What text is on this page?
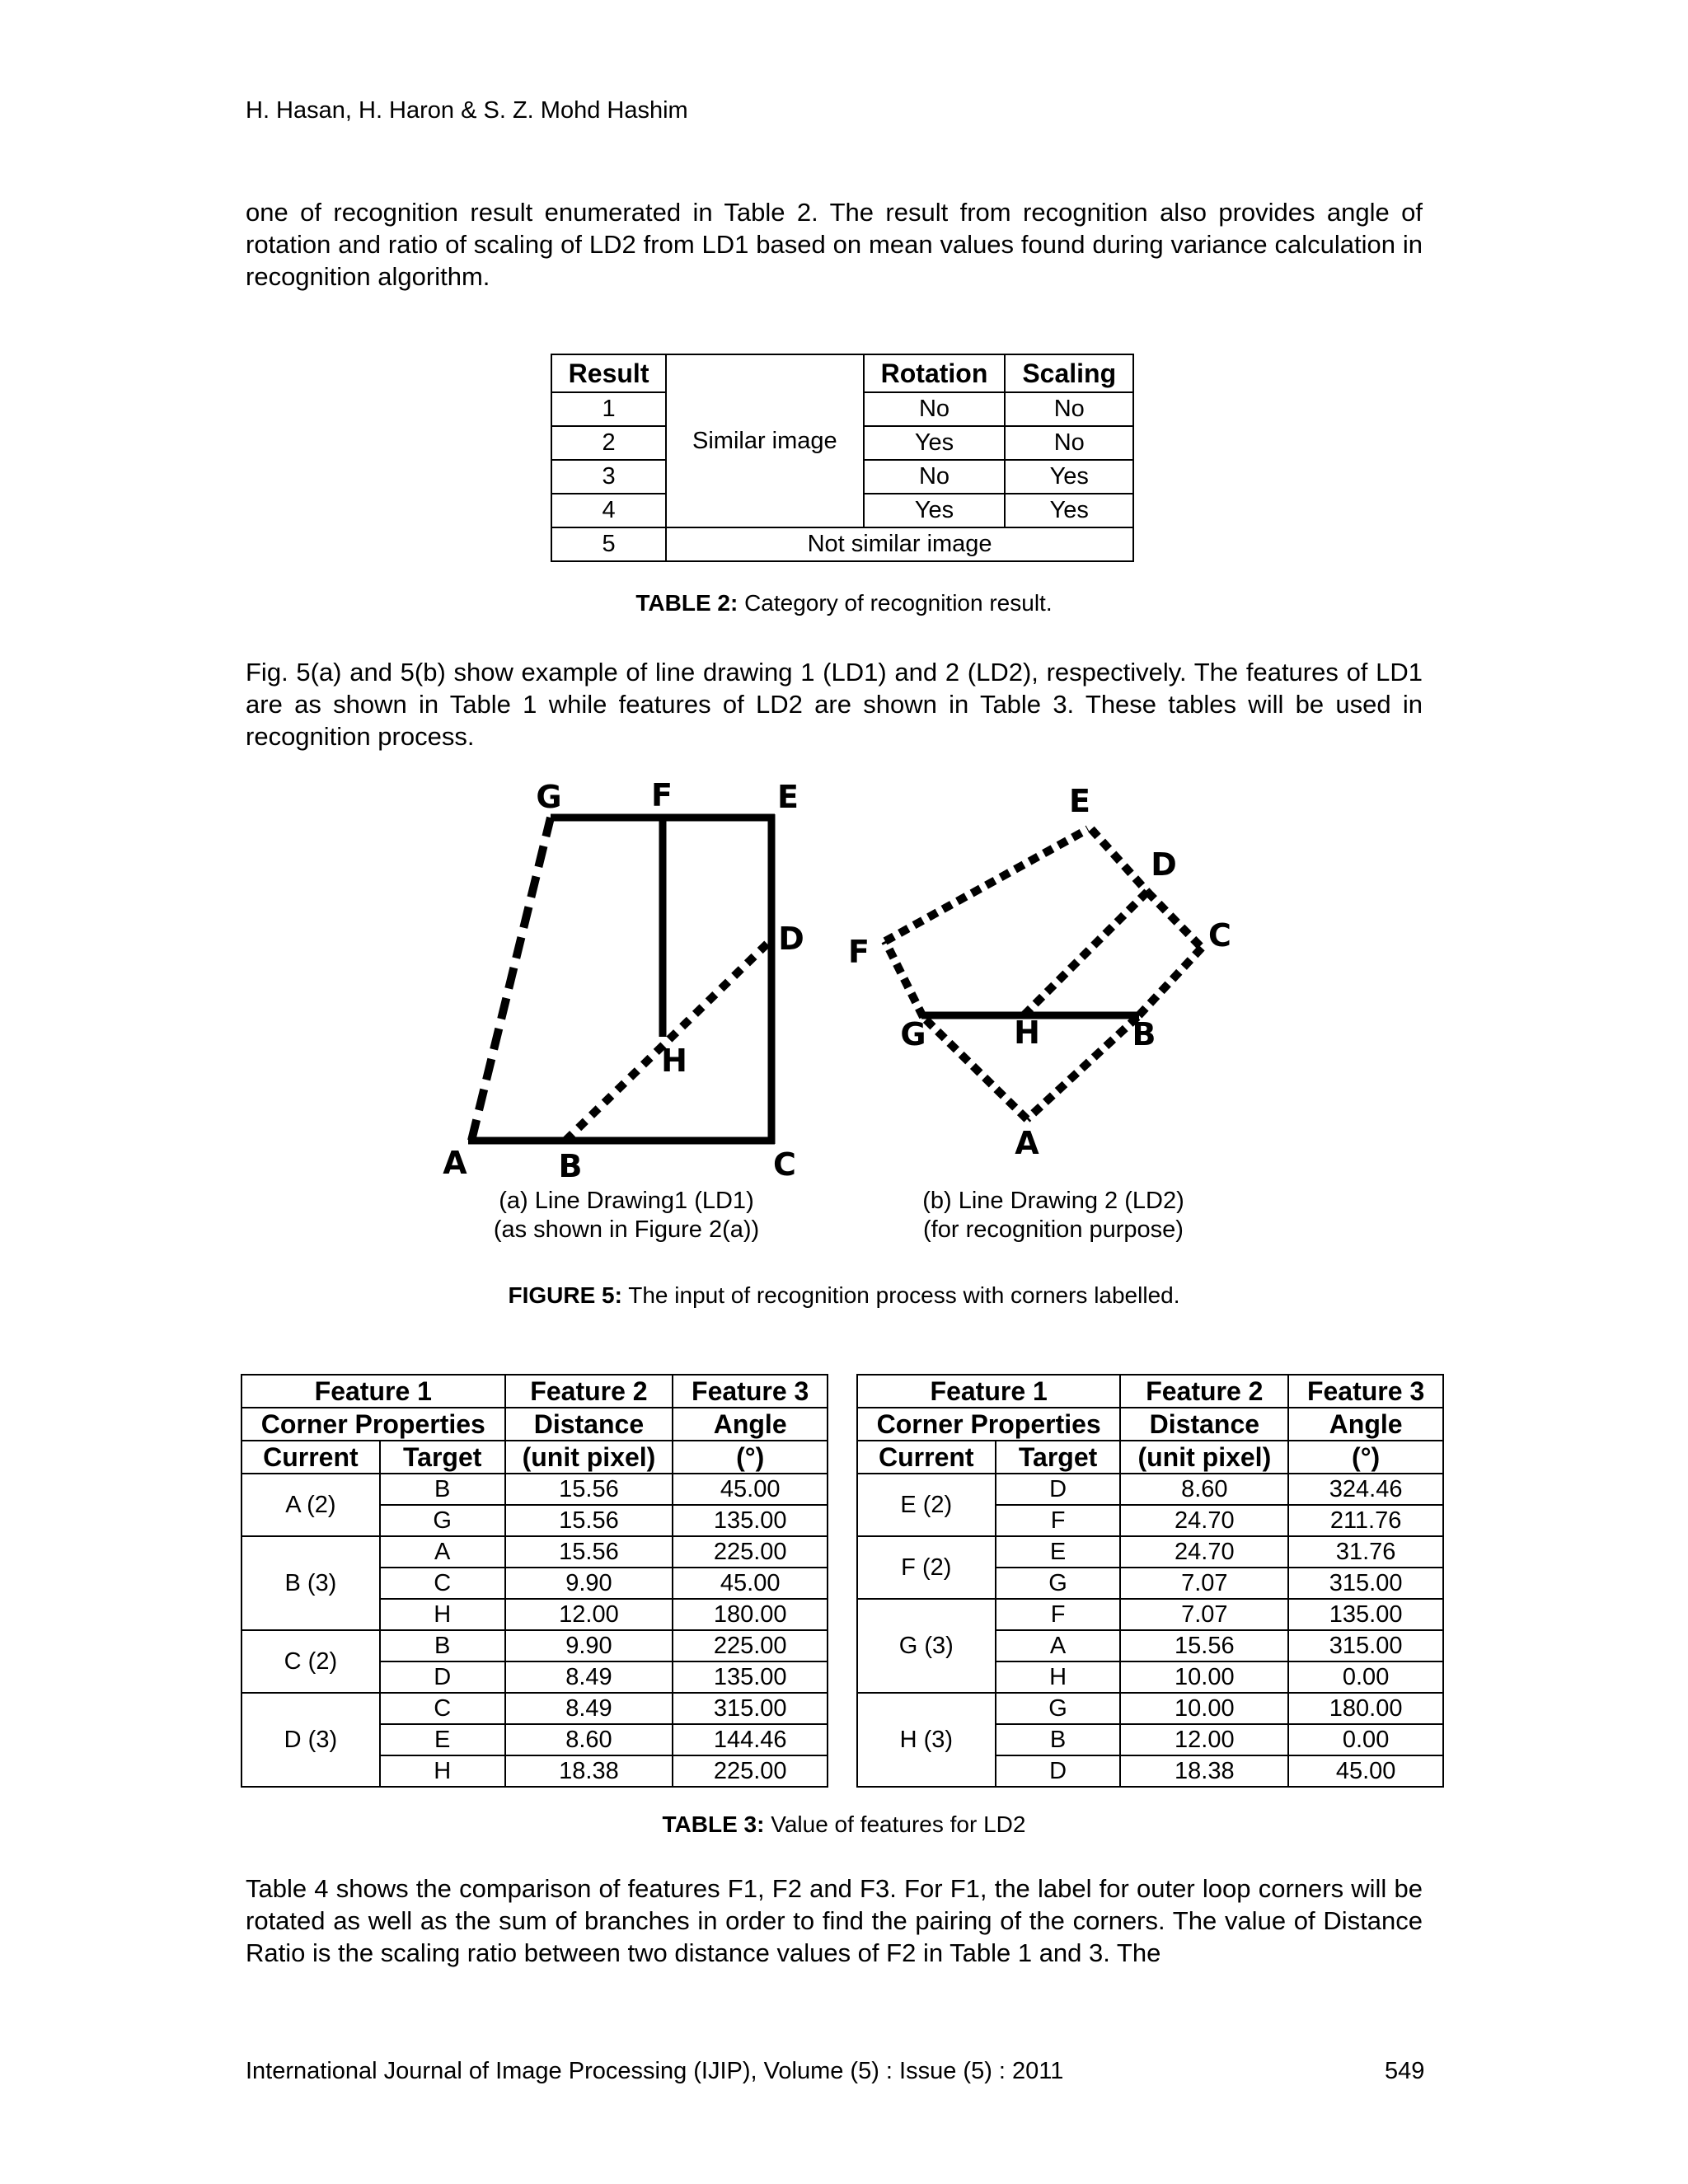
H. Hasan, H. Haron & S. Z. Mohd Hashim

one of recognition result enumerated in Table 2. The result from recognition also provides angle of rotation and ratio of scaling of LD2 from LD1 based on mean values found during variance calculation in recognition algorithm.

Result	Similar image	Rotation	Scaling
1		No	No
2		Yes	No
3		No	Yes
4		Yes	Yes
5	Not similar image		
TABLE 2: Category of recognition result.

Fig. 5(a) and 5(b) show example of line drawing 1 (LD1) and 2 (LD2), respectively. The features of LD1 are as shown in Table 1 while features of LD2 are shown in Table 3. These tables will be used in recognition process.

G	F	E
D
H
A	B	C
E
D
C
F
G	H	B
A
(a) Line Drawing1 (LD1)
(as shown in Figure 2(a))
(b) Line Drawing 2 (LD2)
(for recognition purpose)
FIGURE 5: The input of recognition process with corners labelled.
Feature 1		Feature 2	Feature 3		Feature 1		Feature 2	Feature 3
Corner Properties		Distance	Angle		Corner Properties		Distance	Angle
Current	Target	(unit pixel)	(°)		Current	Target	(unit pixel)	(°)
A (2)	B	15.56	45.00		E (2)	D	8.60	324.46
	G	15.56	135.00			F	24.70	211.76
B (3)	A	15.56	225.00		F (2)	E	24.70	31.76
	C	9.90	45.00			G	7.07	315.00
	H	12.00	180.00		G (3)	F	7.07	135.00
C (2)	B	9.90	225.00			A	15.56	315.00
	D	8.49	135.00			H	10.00	0.00
D (3)	C	8.49	315.00		H (3)	G	10.00	180.00
	E	8.60	144.46			B	12.00	0.00
	H	18.38	225.00			D	18.38	45.00
TABLE 3: Value of features for LD2

Table 4 shows the comparison of features F1, F2 and F3. For F1, the label for outer loop corners will be rotated as well as the sum of branches in order to find the pairing of the corners. The value of Distance Ratio is the scaling ratio between two distance values of F2 in Table 1 and 3. The

International Journal of Image Processing (IJIP), Volume (5) : Issue (5) : 2011	549
